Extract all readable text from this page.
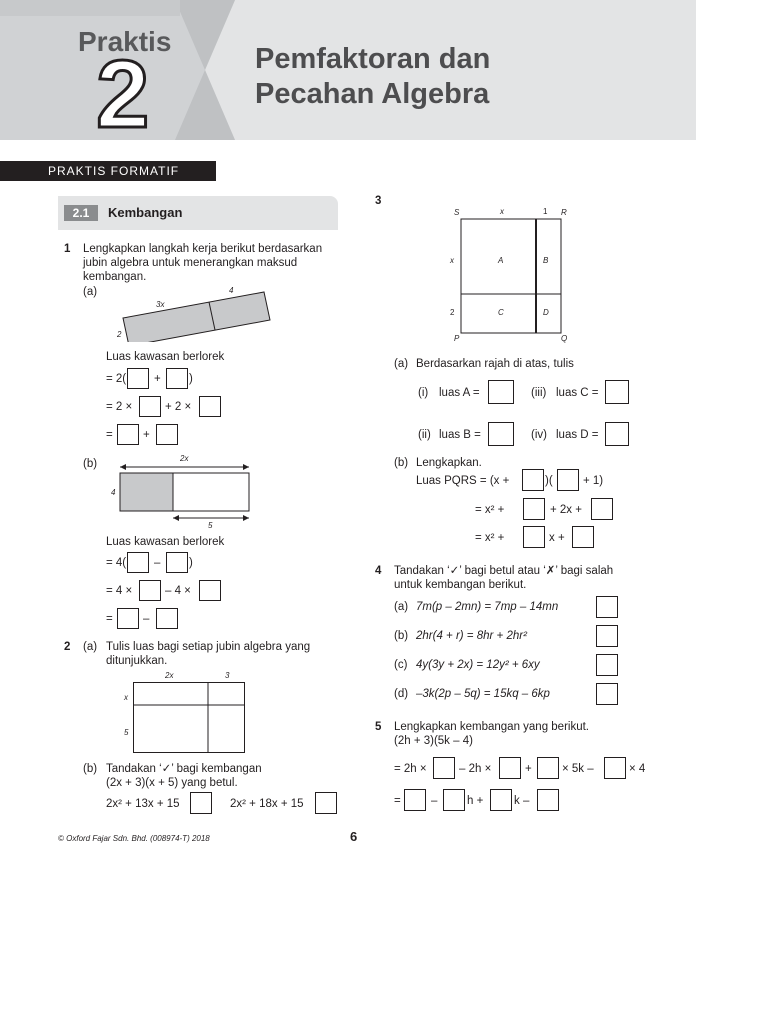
Praktis
2	Pemfaktoran dan
Pecahan Algebra
PRAKTIS FORMATIF
2.1	Kembangan
1 Lengkapkan langkah kerja berikut berdasarkan
jubin algebra untuk menerangkan maksud
kembangan.
(a)
3x
4
2
Luas kawasan berlorek
= 2( + )
= 2 ×	+ 2 ×
=	+
(b)	2x
4
5
Luas kawasan berlorek
= 4( – )
= 4 ×	– 4 ×
=	–
2 (a) Tulis luas bagi setiap jubin algebra yang
ditunjukkan.
2x	3
x
5
(b) Tandakan ‘✓’ bagi kembangan
(2x + 3)(x + 5) yang betul.
2x² + 13x + 15	2x² + 18x + 15
3
S	R
P	Q
x	1
x
2
A	B
C	D
(a) Berdasarkan rajah di atas, tulis
(i) luas A =	(iii) luas C =
(ii) luas B =	(iv) luas D =
(b) Lengkapkan.
Luas PQRS = (x +	)(	+ 1)
= x² +	+ 2x +
= x² +	x +
4 Tandakan ‘✓’ bagi betul atau ‘✗’ bagi salah
untuk kembangan berikut.
(a) 7m(p – 2mn) = 7mp – 14mn
(b) 2hr(4 + r) = 8hr + 2hr²
(c) 4y(3y + 2x) = 12y² + 6xy
(d) –3k(2p – 5q) = 15kq – 6kp
5 Lengkapkan kembangan yang berikut.
(2h + 3)(5k – 4)
= 2h ×	– 2h ×	+	× 5k –	× 4
=	–	h +	k –
© Oxford Fajar Sdn. Bhd. (008974-T) 2018	6
